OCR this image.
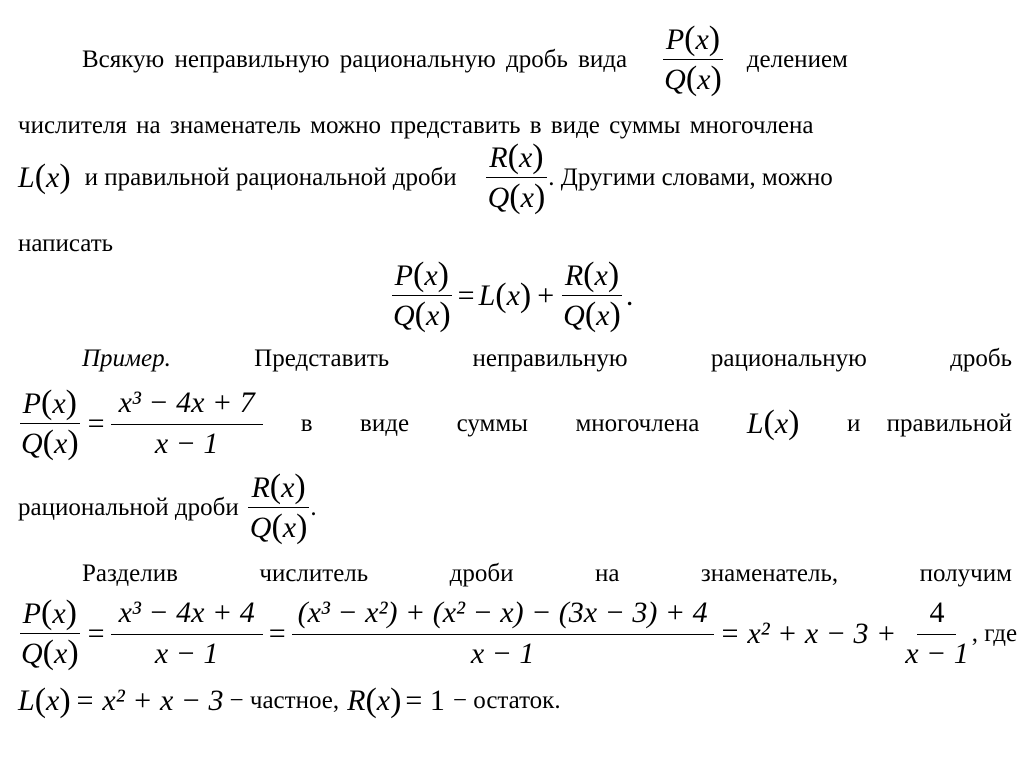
Всякую неправильную рациональную дробь вида $\frac{P(x)}{Q(x)}$ делением
числителя на знаменатель можно представить в виде суммы многочлена
L(x) и правильной рациональной дроби $\frac{R(x)}{Q(x)}$ . Другими словами, можно
написать
$\frac{P(x)}{Q(x)} = L$ ( x ) + $\frac{R(x)}{Q(x)}$ .
Пример.	Представить	неправильную	рациональную	дробь
$\frac{P(x)}{Q(x)} = \frac{\text{x³ − 4x + 7}}{x - 1}$ в виде суммы многочлена L(x) и правильной
рациональной дроби $\frac{R(x)}{Q(x)}$ .
Разделив	числитель	дроби	на	знаменатель,	получим
$\frac{P(x)}{Q(x)} = \frac{\text{x³ − 4x + 4}}{x - 1} = \frac{\text{(x³ − x²) + (x² − x) − (3x − 3) + 4}}{x - 1} = x^2 + x - 3 + \frac{4}{x - 1}$ , где
L ( x ) = x² + x − 3 − частное, R ( x ) = 1 − остаток.
